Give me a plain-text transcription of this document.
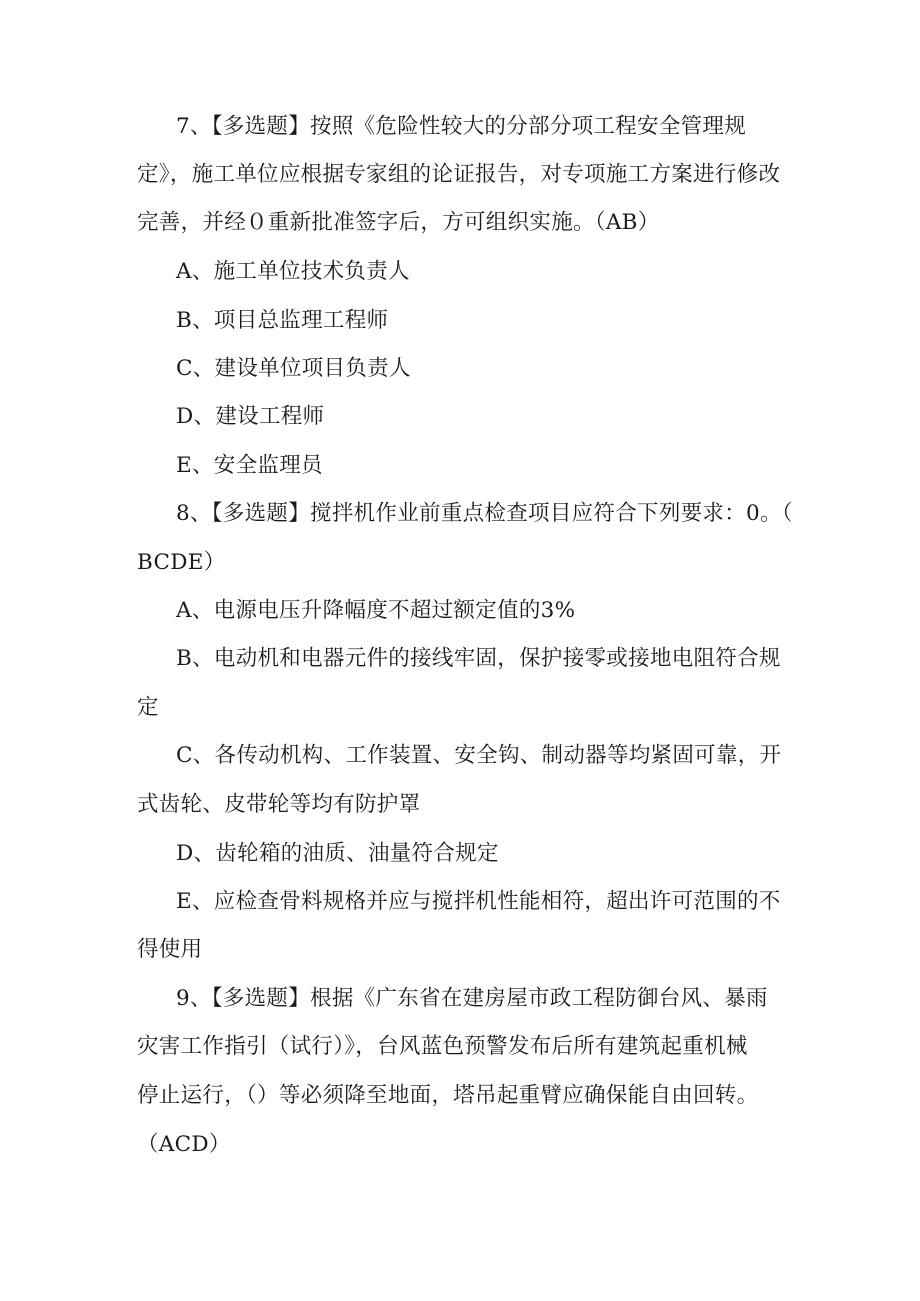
7、【多选题】按照《危险性较大的分部分项工程安全管理规
定》，施工单位应根据专家组的论证报告，对专项施工方案进行修改
完善，并经０重新批准签字后，方可组织实施。（AB）
A、施工单位技术负责人
B、项目总监理工程师
C、建设单位项目负责人
D、建设工程师
E、安全监理员
8、【多选题】搅拌机作业前重点检查项目应符合下列要求：0。（
BCDE）
A、电源电压升降幅度不超过额定值的3%
B、电动机和电器元件的接线牢固，保护接零或接地电阻符合规
定
C、各传动机构、工作装置、安全钩、制动器等均紧固可靠，开
式齿轮、皮带轮等均有防护罩
D、齿轮箱的油质、油量符合规定
E、应检查骨料规格并应与搅拌机性能相符，超出许可范围的不
得使用
9、【多选题】根据《广东省在建房屋市政工程防御台风、暴雨
灾害工作指引（试行）》，台风蓝色预警发布后所有建筑起重机械
停止运行，（）等必须降至地面，塔吊起重臂应确保能自由回转。
（ACD）
